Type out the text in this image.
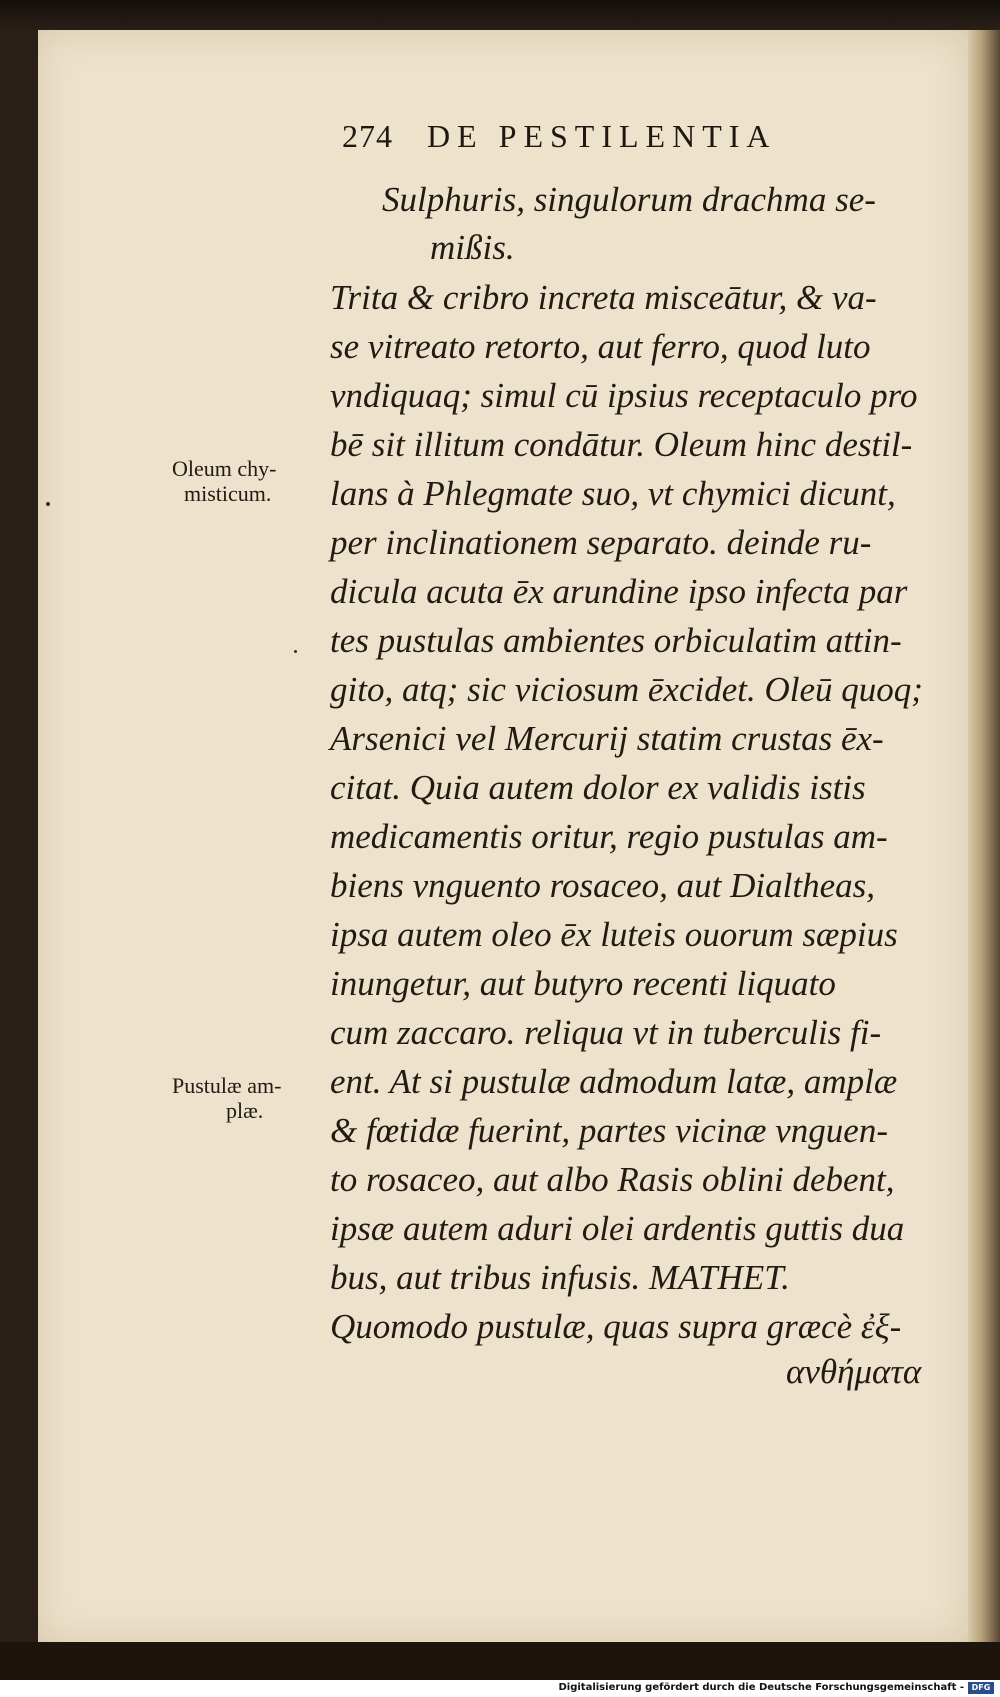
274 DE PESTILENTIA
Oleum chy-
misticum.
Pustulæ am-
plæ.
Sulphuris, singulorum drachma se-
mißis.
Trita & cribro increta misceātur, & va-
se vitreato retorto, aut ferro, quod luto
vndiquaq; simul cū ipsius receptaculo pro
bē sit illitum condātur. Oleum hinc destil-
lans à Phlegmate suo, vt chymici dicunt,
per inclinationem separato. deinde ru-
dicula acuta ēx arundine ipso infecta par
tes pustulas ambientes orbiculatim attin-
gito, atq; sic viciosum ēxcidet. Oleū quoq;
Arsenici vel Mercurij statim crustas ēx-
citat. Quia autem dolor ex validis istis
medicamentis oritur, regio pustulas am-
biens vnguento rosaceo, aut Dialtheas,
ipsa autem oleo ēx luteis ouorum sæpius
inungetur, aut butyro recenti liquato
cum zaccaro. reliqua vt in tuberculis fi-
ent. At si pustulæ admodum latæ, amplæ
& fœtidæ fuerint, partes vicinæ vnguen-
to rosaceo, aut albo Rasis oblini debent,
ipsæ autem aduri olei ardentis guttis dua
bus, aut tribus infusis. MATHET.
Quomodo pustulæ, quas supra græcè ἐξ-
ανθήματα
Digitalisierung gefördert durch die Deutsche Forschungsgemeinschaft - DFG
